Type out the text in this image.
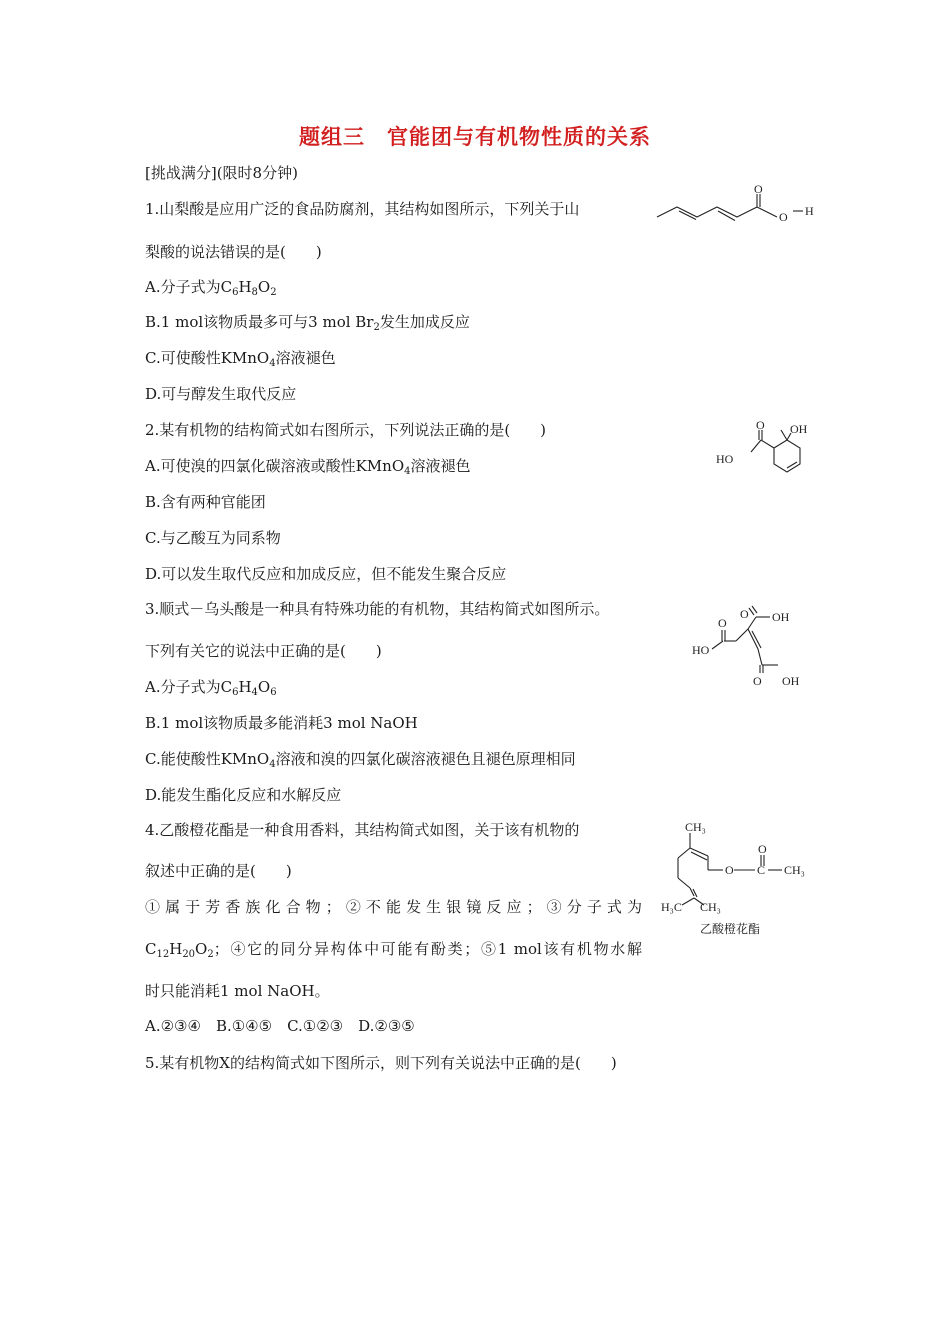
题组三　官能团与有机物性质的关系
[挑战满分](限时8分钟)
1.山梨酸是应用广泛的食品防腐剂，其结构如图所示，下列关于山
梨酸的说法错误的是(　　)
A.分子式为$C_6H_8O_2$
B.1 mol该物质最多可与3 mol $Br_2$发生加成反应
C.可使酸性KMnO$_4$溶液褪色
D.可与醇发生取代反应
O
O H
2.某有机物的结构简式如右图所示，下列说法正确的是(　　)
A.可使溴的四氯化碳溶液或酸性KMnO$_4$溶液褪色
B.含有两种官能团
C.与乙酸互为同系物
D.可以发生取代反应和加成反应，但不能发生聚合反应
O OH
HO
3.顺式－乌头酸是一种具有特殊功能的有机物，其结构简式如图所示。
下列有关它的说法中正确的是(　　)
A.分子式为$C_6H_4O_6$
B.1 mol该物质最多能消耗3 mol NaOH
C.能使酸性KMnO$_4$溶液和溴的四氯化碳溶液褪色且褪色原理相同
D.能发生酯化反应和水解反应
O OH
O
HO
O OH
4.乙酸橙花酯是一种食用香料，其结构简式如图，关于该有机物的
叙述中正确的是(　　)
①属于芳香族化合物；②不能发生银镜反应；③分子式为
$C_{12}H_{20}O_2$；④它的同分异构体中可能有酚类；⑤1 mol该有机物水解
时只能消耗1 mol NaOH。
A.②③④　B.①④⑤　C.①②③　D.②③⑤
CH₃
O
O
CH₃
C
H₃C CH₃
乙酸橙花酯
5.某有机物X的结构简式如下图所示，则下列有关说法中正确的是(　　)
